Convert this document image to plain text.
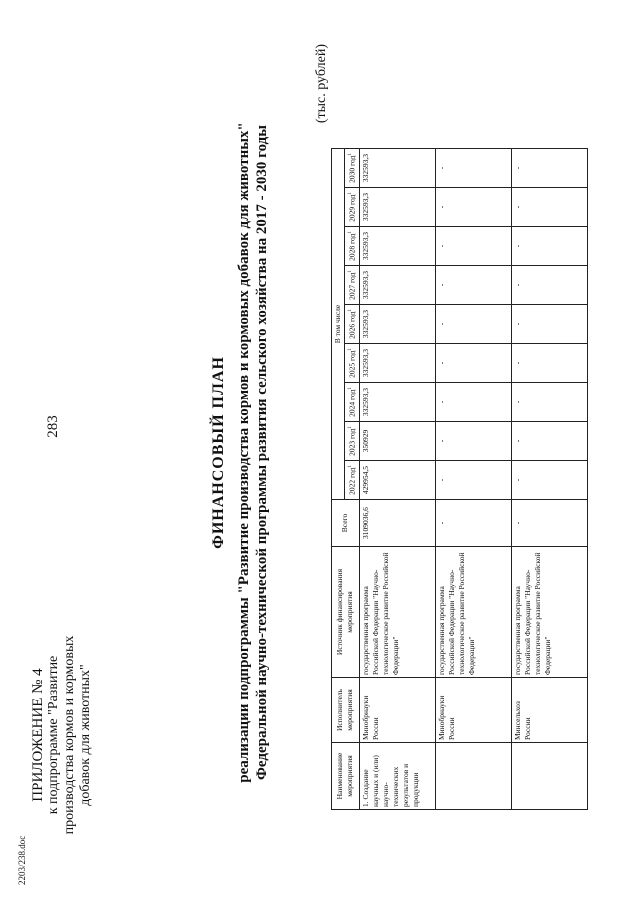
283
2203/238.doc
ПРИЛОЖЕНИЕ № 4 к подпрограмме "Развитие производства кормов и кормовых добавок для животных"
ФИНАНСОВЫЙ ПЛАН реализации подпрограммы "Развитие производства кормов и кормовых добавок для животных" Федеральной научно-технической программы развития сельского хозяйства на 2017 - 2030 годы
(тыс. рублей)
Наименование мероприятия	Исполнитель мероприятия	Источник финансирования мероприятия	Всего	В том числе								
				2022 год$^1$	2023 год$^1$	2024 год$^1$	2025 год$^1$	2026 год$^1$	2027 год$^1$	2028 год$^1$	2029 год$^1$	2030 год$^1$
1. Создание научных и (или) научно-технических результатов и продукции	Минобрнауки России	государственная программа Российской Федерации "Научно-технологическое развитие Российской Федерации"	3109036,6	429954,5	350929	332593,3	332593,3	332593,3	332593,3	332593,3	332593,3	332593,3
	Минобрнауки России	государственная программа Российской Федерации "Научно-технологическое развитие Российской Федерации"	-	-	-	-	-	-	-	-	-	-
	Минсельхоз России	государственная программа Российской Федерации "Научно-технологическое развитие Российской Федерации"	-	-	-	-	-	-	-	-	-	-
